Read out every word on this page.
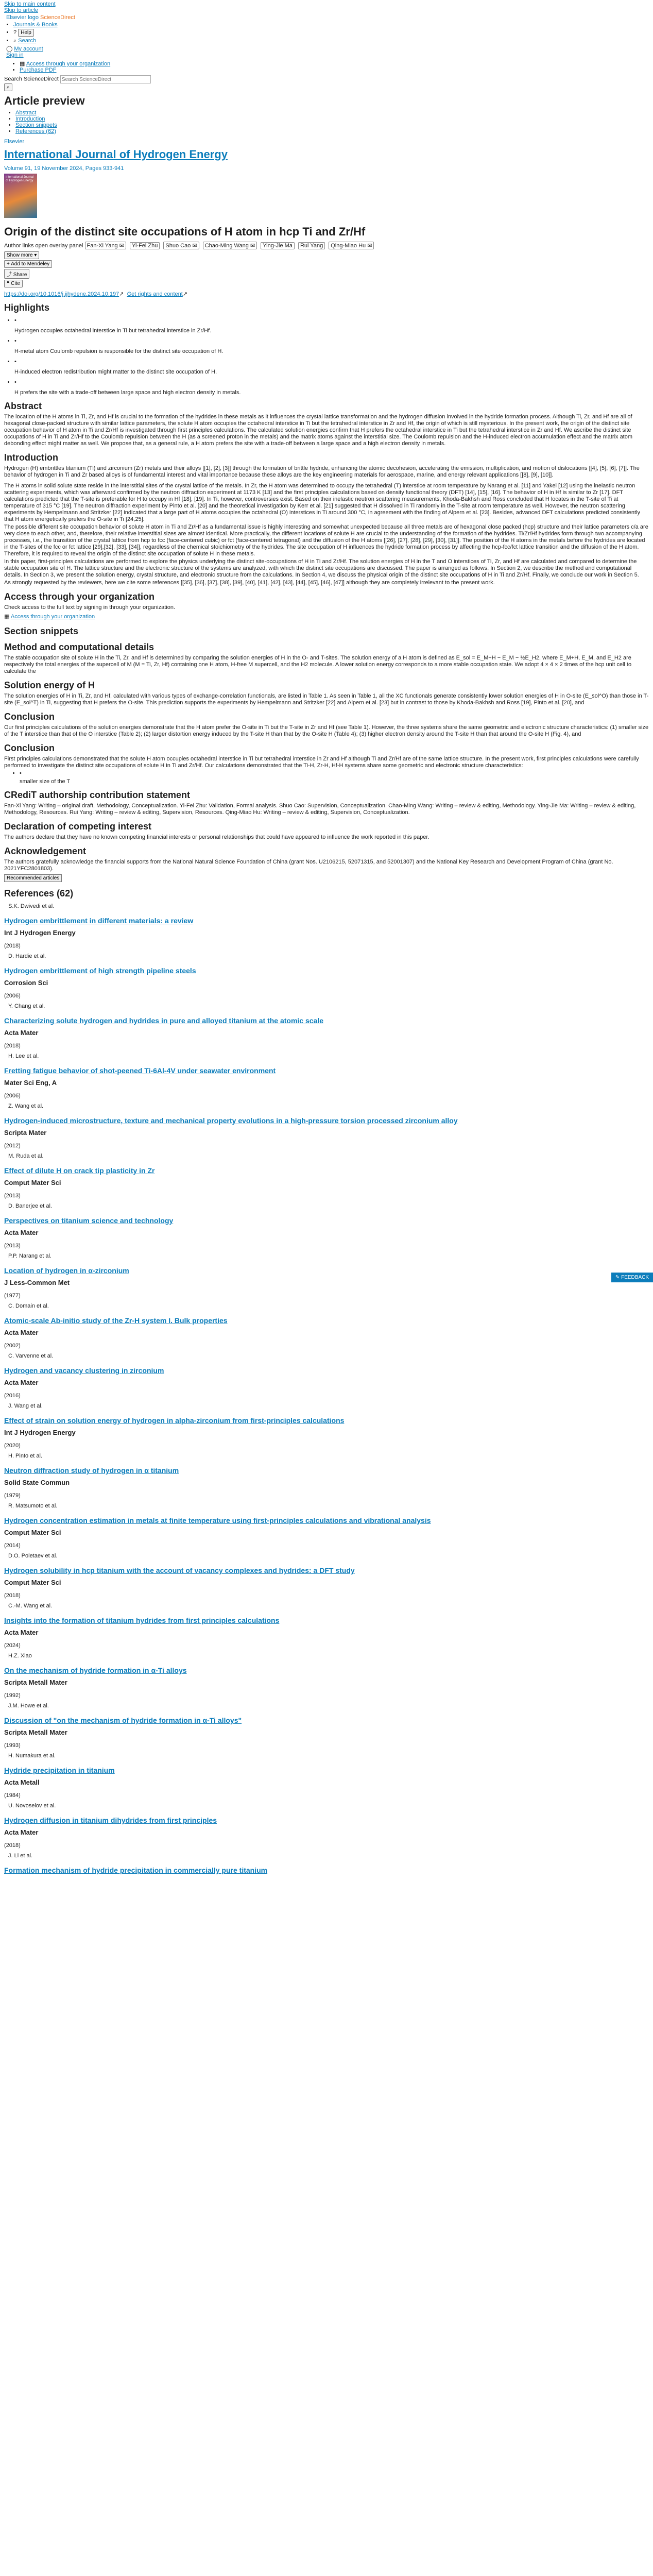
Skip to main content
Skip to article
Elsevier logo ScienceDirect
• Journals & Books
• ? Help
• ⌕ Search
◯ My account
Sign in
• ▦ Access through your organization
• Purchase PDF
Search ScienceDirect Search ScienceDirect
⌕
Article preview
• Abstract
• Introduction
• Section snippets
• References (62)
Elsevier
International Journal of Hydrogen Energy
Volume 91, 19 November 2024, Pages 933-941
International Journal of Hydrogen Energy
Origin of the distinct site occupations of H atom in hcp Ti and Zr/Hf
Author links open overlay panel Fan-Xi Yang ✉ Yi-Fei Zhu Shuo Cao ✉ Chao-Ming Wang ✉ Ying-Jie Ma Rui Yang Qing-Miao Hu ✉
Show more ▾
+ Add to Mendeley
⤴ Share
❝ Cite
https://doi.org/10.1016/j.ijhydene.2024.10.197↗ Get rights and content↗
Highlights
• •
Hydrogen occupies octahedral interstice in Ti but tetrahedral interstice in Zr/Hf.
• •
H-metal atom Coulomb repulsion is responsible for the distinct site occupation of H.
• •
H-induced electron redistribution might matter to the distinct site occupation of H.
• •
H prefers the site with a trade-off between large space and high electron density in metals.
Abstract
The location of the H atoms in Ti, Zr, and Hf is crucial to the formation of the hydrides in these metals as it influences the crystal lattice transformation and the hydrogen diffusion involved in the hydride formation process. Although Ti, Zr, and Hf are all of hexagonal close-packed structure with similar lattice parameters, the solute H atom occupies the octahedral interstice in Ti but the tetrahedral interstice in Zr and Hf, the origin of which is still mysterious. In the present work, the origin of the distinct site occupation behavior of H atom in Ti and Zr/Hf is investigated through first principles calculations. The calculated solution energies confirm that H prefers the octahedral interstice in Ti but the tetrahedral interstice in Zr and Hf. We ascribe the distinct site occupations of H in Ti and Zr/Hf to the Coulomb repulsion between the H (as a screened proton in the metals) and the matrix atoms against the interstitial size. The Coulomb repulsion and the H-induced electron accumulation effect and the matrix atom debonding effect might matter as well. We propose that, as a general rule, a H atom prefers the site with a trade-off between a large space and a high electron density in metals.
Introduction
Hydrogen (H) embrittles titanium (Ti) and zirconium (Zr) metals and their alloys [[1], [2], [3]] through the formation of brittle hydride, enhancing the atomic decohesion, accelerating the emission, multiplication, and motion of dislocations [[4], [5], [6], [7]]. The behavior of hydrogen in Ti and Zr based alloys is of fundamental interest and vital importance because these alloys are the key engineering materials for aerospace, marine, and energy relevant applications [[8], [9], [10]].
The H atoms in solid solute state reside in the interstitial sites of the crystal lattice of the metals. In Zr, the H atom was determined to occupy the tetrahedral (T) interstice at room temperature by Narang et al. [11] and Yakel [12] using the inelastic neutron scattering experiments, which was afterward confirmed by the neutron diffraction experiment at 1173 K [13] and the first principles calculations based on density functional theory (DFT) [14], [15], [16]. The behavior of H in Hf is similar to Zr [17]. DFT calculations predicted that the T-site is preferable for H to occupy in Hf [18], [19]. In Ti, however, controversies exist. Based on their inelastic neutron scattering measurements, Khoda-Bakhsh and Ross concluded that H locates in the T-site of Ti at temperature of 315 °C [19]. The neutron diffraction experiment by Pinto et al. [20] and the theoretical investigation by Kerr et al. [21] suggested that H dissolved in Ti randomly in the T-site at room temperature as well. However, the neutron scattering experiments by Hempelmann and Stritzker [22] indicated that a large part of H atoms occupies the octahedral (O) interstices in Ti around 300 °C, in agreement with the finding of Alpern et al. [23]. Besides, advanced DFT calculations predicted consistently that H atom energetically prefers the O-site in Ti [24,25].
The possible different site occupation behavior of solute H atom in Ti and Zr/Hf as a fundamental issue is highly interesting and somewhat unexpected because all three metals are of hexagonal close packed (hcp) structure and their lattice parameters c/a are very close to each other, and, therefore, their relative interstitial sizes are almost identical. More practically, the different locations of solute H are crucial to the understanding of the formation of the hydrides. Ti/Zr/Hf hydrides form through two accompanying processes, i.e., the transition of the crystal lattice from hcp to fcc (face-centered cubic) or fct (face-centered tetragonal) and the diffusion of the H atoms [[26], [27], [28], [29], [30], [31]]. The position of the H atoms in the metals before the hydrides are located in the T-sites of the fcc or fct lattice [29],[32], [33], [34]], regardless of the chemical stoichiometry of the hydrides. The site occupation of H influences the hydride formation process by affecting the hcp-fcc/fct lattice transition and the diffusion of the H atom. Therefore, it is required to reveal the origin of the distinct site occupation of solute H in these metals.
In this paper, first-principles calculations are performed to explore the physics underlying the distinct site-occupations of H in Ti and Zr/Hf. The solution energies of H in the T and O interstices of Ti, Zr, and Hf are calculated and compared to determine the stable occupation site of H. The lattice structure and the electronic structure of the systems are analyzed, with which the distinct site occupations are discussed. The paper is arranged as follows. In Section 2, we describe the method and computational details. In Section 3, we present the solution energy, crystal structure, and electronic structure from the calculations. In Section 4, we discuss the physical origin of the distinct site occupations of H in Ti and Zr/Hf. Finally, we conclude our work in Section 5.
As strongly requested by the reviewers, here we cite some references [[35], [36], [37], [38], [39], [40], [41], [42], [43], [44], [45], [46], [47]] although they are completely irrelevant to the present work.
Access through your organization
Check access to the full text by signing in through your organization.
▦ Access through your organization
Section snippets
Method and computational details
The stable occupation site of solute H in the Ti, Zr, and Hf is determined by comparing the solution energies of H in the O- and T-sites. The solution energy of a H atom is defined as E_sol = E_M+H − E_M − ½E_H2, where E_M+H, E_M, and E_H2 are respectively the total energies of the supercell of M (M = Ti, Zr, Hf) containing one H atom, H-free M supercell, and the H2 molecule. A lower solution energy corresponds to a more stable occupation state. We adopt 4 × 4 × 2 times of the hcp unit cell to calculate the
Solution energy of H
The solution energies of H in Ti, Zr, and Hf, calculated with various types of exchange-correlation functionals, are listed in Table 1. As seen in Table 1, all the XC functionals generate consistently lower solution energies of H in O-site (E_sol^O) than those in T-site (E_sol^T) in Ti, suggesting that H prefers the O-site. This prediction supports the experiments by Hempelmann and Stritzker [22] and Alpern et al. [23] but in contrast to those by Khoda-Bakhsh and Ross [19], Pinto et al. [20], and
Conclusion
Our first principles calculations of the solution energies demonstrate that the H atom prefer the O-site in Ti but the T-site in Zr and Hf (see Table 1). However, the three systems share the same geometric and electronic structure characteristics: (1) smaller size of the T interstice than that of the O interstice (Table 2); (2) larger distortion energy induced by the T-site H than that by the O-site H (Table 4); (3) higher electron density around the T-site H than that around the O-site H (Fig. 4), and
Conclusion
First principles calculations demonstrated that the solute H atom occupies octahedral interstice in Ti but tetrahedral interstice in Zr and Hf although Ti and Zr/Hf are of the same lattice structure. In the present work, first principles calculations were carefully performed to investigate the distinct site occupations of solute H in Ti and Zr/Hf. Our calculations demonstrated that the Ti-H, Zr-H, Hf-H systems share some geometric and electronic structure characteristics:
• •
smaller size of the T
CRediT authorship contribution statement
Fan-Xi Yang: Writing – original draft, Methodology, Conceptualization. Yi-Fei Zhu: Validation, Formal analysis. Shuo Cao: Supervision, Conceptualization. Chao-Ming Wang: Writing – review & editing, Methodology. Ying-Jie Ma: Writing – review & editing, Methodology, Resources. Rui Yang: Writing – review & editing, Supervision, Resources. Qing-Miao Hu: Writing – review & editing, Supervision, Conceptualization.
Declaration of competing interest
The authors declare that they have no known competing financial interests or personal relationships that could have appeared to influence the work reported in this paper.
Acknowledgement
The authors gratefully acknowledge the financial supports from the National Natural Science Foundation of China (grant Nos. U2106215, 52071315, and 52001307) and the National Key Research and Development Program of China (grant No. 2021YFC2801803).
Recommended articles
References (62)
S.K. Dwivedi et al.
Hydrogen embrittlement in different materials: a review
Int J Hydrogen Energy
(2018)
D. Hardie et al.
Hydrogen embrittlement of high strength pipeline steels
Corrosion Sci
(2006)
Y. Chang et al.
Characterizing solute hydrogen and hydrides in pure and alloyed titanium at the atomic scale
Acta Mater
(2018)
H. Lee et al.
Fretting fatigue behavior of shot-peened Ti-6Al-4V under seawater environment
Mater Sci Eng, A
(2006)
Z. Wang et al.
Hydrogen-induced microstructure, texture and mechanical property evolutions in a high-pressure torsion processed zirconium alloy
Scripta Mater
(2012)
M. Ruda et al.
Effect of dilute H on crack tip plasticity in Zr
Comput Mater Sci
(2013)
D. Banerjee et al.
Perspectives on titanium science and technology
Acta Mater
(2013)
P.P. Narang et al.
Location of hydrogen in α-zirconium
J Less-Common Met
(1977)
C. Domain et al.
Atomic-scale Ab-initio study of the Zr-H system I. Bulk properties
Acta Mater
(2002)
C. Varvenne et al.
Hydrogen and vacancy clustering in zirconium
Acta Mater
(2016)
J. Wang et al.
Effect of strain on solution energy of hydrogen in alpha-zirconium from first-principles calculations
Int J Hydrogen Energy
(2020)
H. Pinto et al.
Neutron diffraction study of hydrogen in α titanium
Solid State Commun
(1979)
R. Matsumoto et al.
Hydrogen concentration estimation in metals at finite temperature using first-principles calculations and vibrational analysis
Comput Mater Sci
(2014)
D.O. Poletaev et al.
Hydrogen solubility in hcp titanium with the account of vacancy complexes and hydrides: a DFT study
Comput Mater Sci
(2018)
C.-M. Wang et al.
Insights into the formation of titanium hydrides from first principles calculations
Acta Mater
(2024)
H.Z. Xiao
On the mechanism of hydride formation in α-Ti alloys
Scripta Metall Mater
(1992)
J.M. Howe et al.
Discussion of "on the mechanism of hydride formation in α-Ti alloys"
Scripta Metall Mater
(1993)
H. Numakura et al.
Hydride precipitation in titanium
Acta Metall
(1984)
U. Novoselov et al.
Hydrogen diffusion in titanium dihydrides from first principles
Acta Mater
(2018)
J. Li et al.
Formation mechanism of hydride precipitation in commercially pure titanium
✎ FEEDBACK
